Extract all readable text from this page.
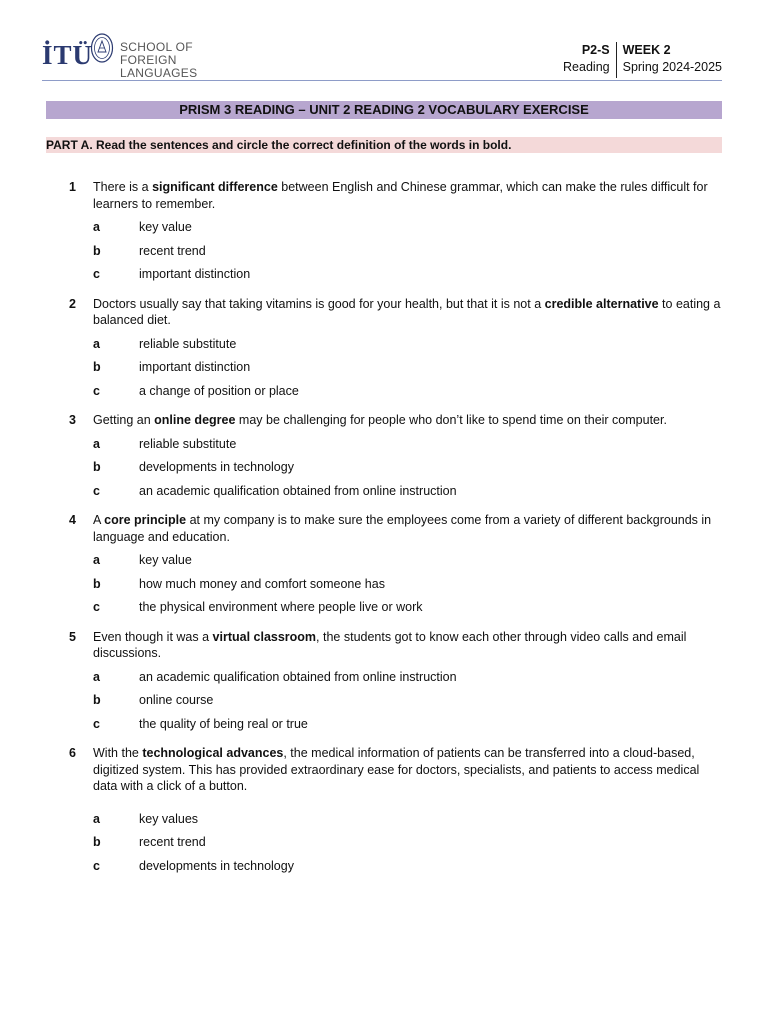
İTÜ SCHOOL OF
FOREIGN LANGUAGES
P2-S
Reading
WEEK 2
Spring 2024-2025
PRISM 3 READING – UNIT 2 READING 2 VOCABULARY EXERCISE
PART A. Read the sentences and circle the correct definition of the words in bold.
1	There is a significant difference between English and Chinese grammar, which can make the rules difficult for learners to remember.
a	key value
b	recent trend
c	important distinction
2	Doctors usually say that taking vitamins is good for your health, but that it is not a credible alternative to eating a balanced diet.
a	reliable substitute
b	important distinction
c	a change of position or place
3	Getting an online degree may be challenging for people who don’t like to spend time on their computer.
a	reliable substitute
b	developments in technology
c	an academic qualification obtained from online instruction
4	A core principle at my company is to make sure the employees come from a variety of different backgrounds in language and education.
a	key value
b	how much money and comfort someone has
c	the physical environment where people live or work
5	Even though it was a virtual classroom, the students got to know each other through video calls and email discussions.
a	an academic qualification obtained from online instruction
b	online course
c	the quality of being real or true
6	With the technological advances, the medical information of patients can be transferred into a cloud-based, digitized system. This has provided extraordinary ease for doctors, specialists, and patients to access medical data with a click of a button.
a	key values
b	recent trend
c	developments in technology
